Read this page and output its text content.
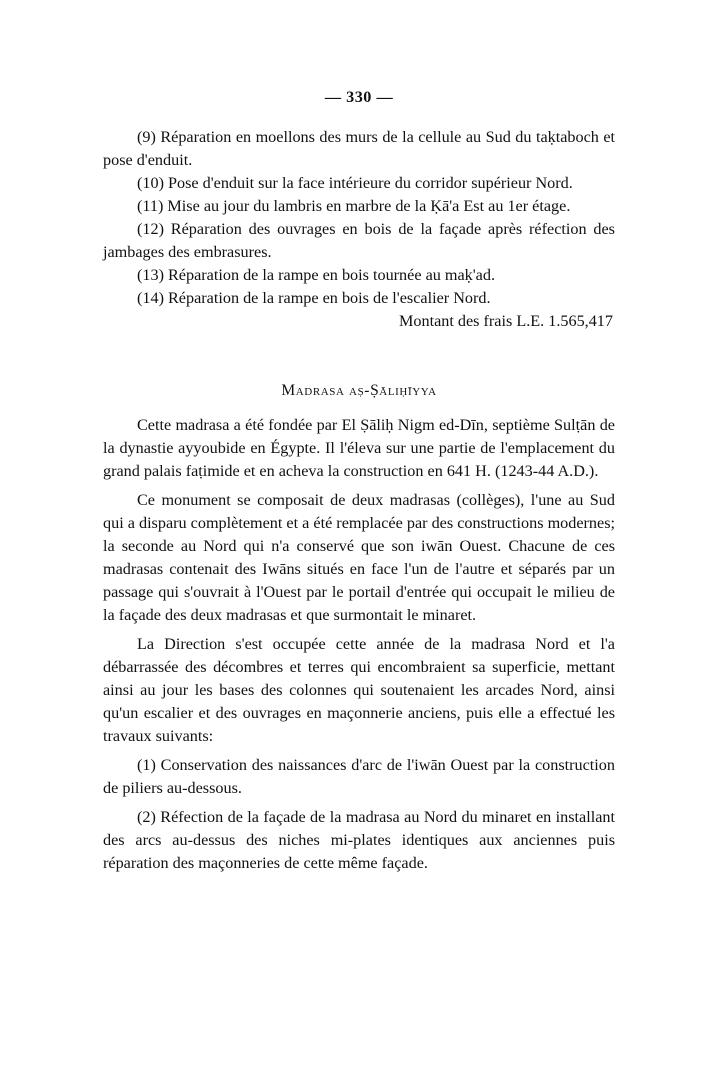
— 330 —

(9) Réparation en moellons des murs de la cellule au Sud du taḳtaboch et pose d'enduit.

(10) Pose d'enduit sur la face intérieure du corridor supérieur Nord.

(11) Mise au jour du lambris en marbre de la Ḳā'a Est au 1er étage.

(12) Réparation des ouvrages en bois de la façade après réfection des jambages des embrasures.

(13) Réparation de la rampe en bois tournée au maḳ'ad.

(14) Réparation de la rampe en bois de l'escalier Nord.

Montant des frais L.E. 1.565,417

Madrasa aṣ-Ṣāliḥīyya

Cette madrasa a été fondée par El Ṣāliḥ Nigm ed-Dīn, septième Sulṭān de la dynastie ayyoubide en Égypte. Il l'éleva sur une partie de l'emplacement du grand palais faṭimide et en acheva la construction en 641 H. (1243-44 A.D.).

Ce monument se composait de deux madrasas (collèges), l'une au Sud qui a disparu complètement et a été remplacée par des constructions modernes; la seconde au Nord qui n'a conservé que son iwān Ouest. Chacune de ces madrasas contenait des Iwāns situés en face l'un de l'autre et séparés par un passage qui s'ouvrait à l'Ouest par le portail d'entrée qui occupait le milieu de la façade des deux madrasas et que surmontait le minaret.

La Direction s'est occupée cette année de la madrasa Nord et l'a débarrassée des décombres et terres qui encombraient sa superficie, mettant ainsi au jour les bases des colonnes qui soutenaient les arcades Nord, ainsi qu'un escalier et des ouvrages en maçonnerie anciens, puis elle a effectué les travaux suivants:

(1) Conservation des naissances d'arc de l'iwān Ouest par la construction de piliers au-dessous.

(2) Réfection de la façade de la madrasa au Nord du minaret en installant des arcs au-dessus des niches mi-plates identiques aux anciennes puis réparation des maçonneries de cette même façade.
